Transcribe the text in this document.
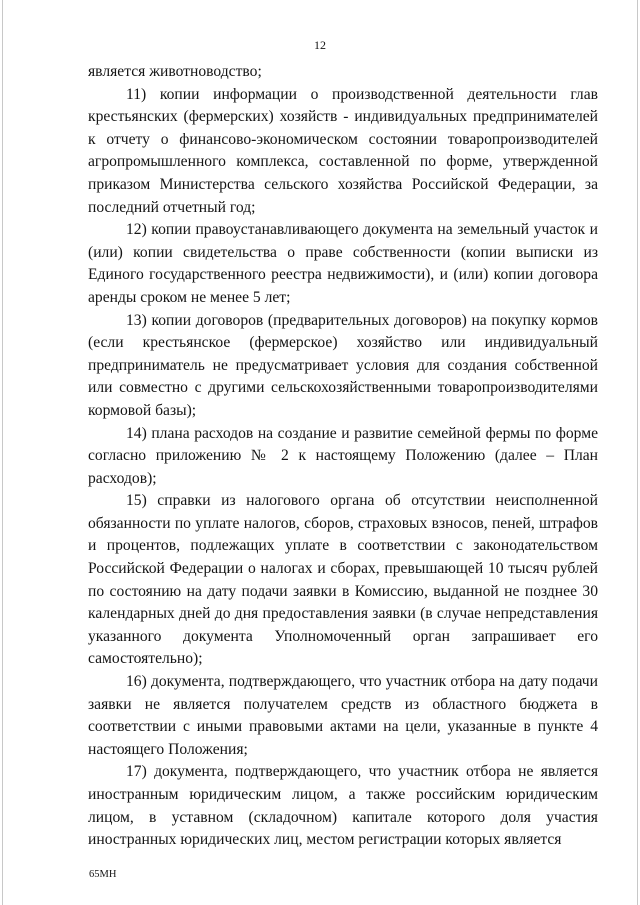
12

является животноводство;

11) копии информации о производственной деятельности глав крестьянских (фермерских) хозяйств - индивидуальных предпринимателей к отчету о финансово-экономическом состоянии товаропроизводителей агропромышленного комплекса, составленной по форме, утвержденной приказом Министерства сельского хозяйства Российской Федерации, за последний отчетный год;

12) копии правоустанавливающего документа на земельный участок и (или) копии свидетельства о праве собственности (копии выписки из Единого государственного реестра недвижимости), и (или) копии договора аренды сроком не менее 5 лет;

13) копии договоров (предварительных договоров) на покупку кормов (если крестьянское (фермерское) хозяйство или индивидуальный предприниматель не предусматривает условия для создания собственной или совместно с другими сельскохозяйственными товаропроизводителями кормовой базы);

14) плана расходов на создание и развитие семейной фермы по форме согласно приложению № 2 к настоящему Положению (далее – План расходов);

15) справки из налогового органа об отсутствии неисполненной обязанности по уплате налогов, сборов, страховых взносов, пеней, штрафов и процентов, подлежащих уплате в соответствии с законодательством Российской Федерации о налогах и сборах, превышающей 10 тысяч рублей по состоянию на дату подачи заявки в Комиссию, выданной не позднее 30 календарных дней до дня предоставления заявки (в случае непредставления указанного документа Уполномоченный орган запрашивает его самостоятельно);

16) документа, подтверждающего, что участник отбора на дату подачи заявки не является получателем средств из областного бюджета в соответствии с иными правовыми актами на цели, указанные в пункте 4 настоящего Положения;

17) документа, подтверждающего, что участник отбора не является иностранным юридическим лицом, а также российским юридическим лицом, в уставном (складочном) капитале которого доля участия иностранных юридических лиц, местом регистрации которых является

65МН
